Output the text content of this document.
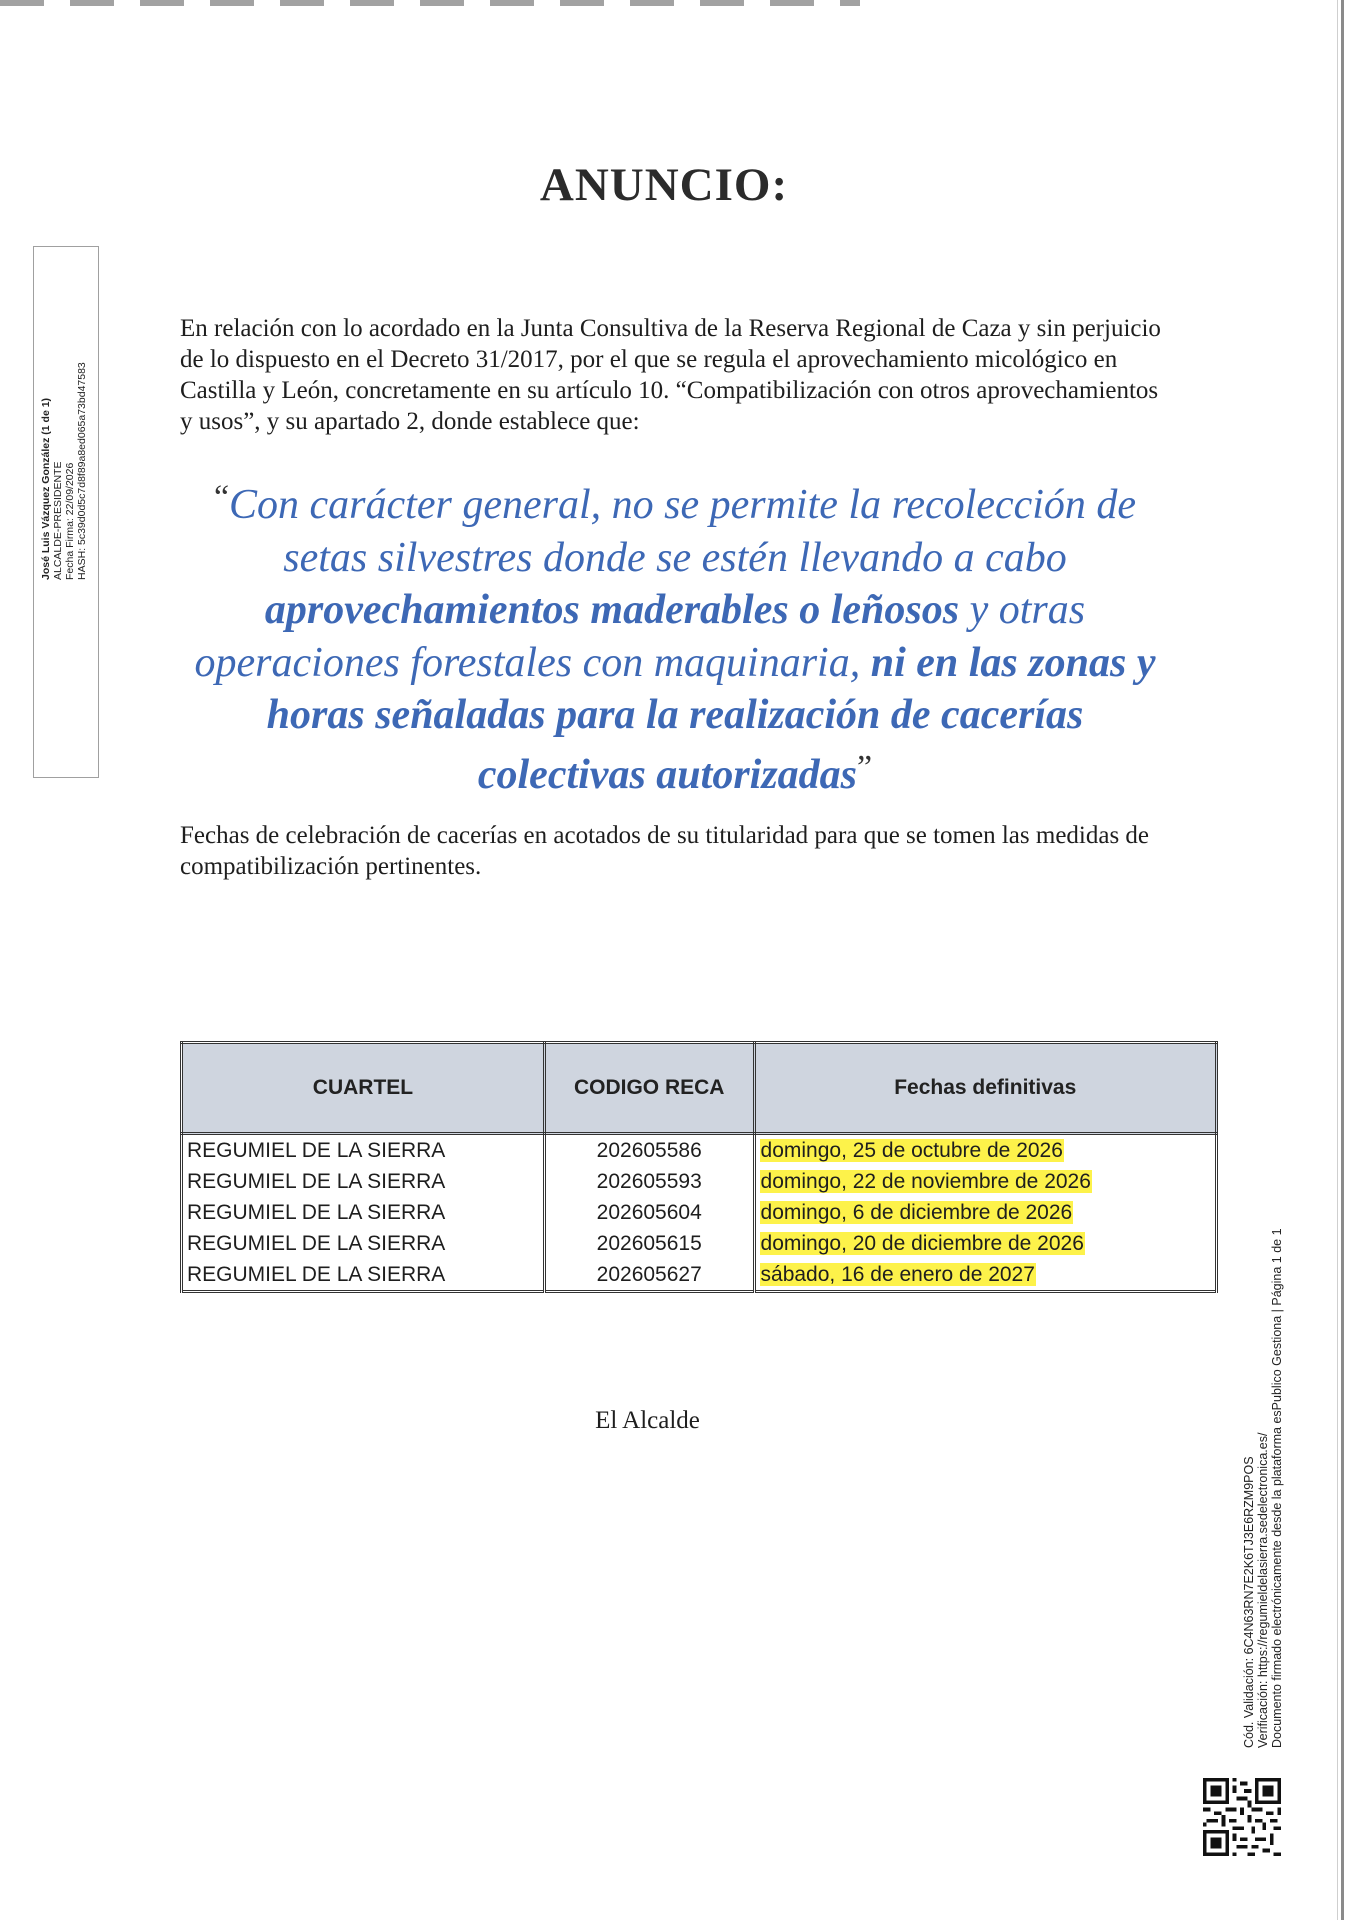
José Luis Vázquez González (1 de 1) ALCALDE-PRESIDENTE Fecha Firma: 22/09/2026 HASH: 5c39d0d5c7d8f89a8ed065a73bd47583
ANUNCIO:
En relación con lo acordado en la Junta Consultiva de la Reserva Regional de Caza y sin perjuicio de lo dispuesto en el Decreto 31/2017, por el que se regula el aprovechamiento micológico en Castilla y León, concretamente en su artículo 10. “Compatibilización con otros aprovechamientos y usos”, y su apartado 2, donde establece que:
“Con carácter general, no se permite la recolección de setas silvestres donde se estén llevando a cabo aprovechamientos maderables o leñosos y otras operaciones forestales con maquinaria, ni en las zonas y horas señaladas para la realización de cacerías colectivas autorizadas”
Fechas de celebración de cacerías en acotados de su titularidad para que se tomen las medidas de compatibilización pertinentes.
CUARTEL	CODIGO RECA	Fechas definitivas
REGUMIEL DE LA SIERRA	202605586	domingo, 25 de octubre de 2026
REGUMIEL DE LA SIERRA	202605593	domingo, 22 de noviembre de 2026
REGUMIEL DE LA SIERRA	202605604	domingo, 6 de diciembre de 2026
REGUMIEL DE LA SIERRA	202605615	domingo, 20 de diciembre de 2026
REGUMIEL DE LA SIERRA	202605627	sábado, 16 de enero de 2027
El Alcalde
Cód. Validación: 6C4N63RN7E2K6TJ3E6RZM9POS Verificación: https://regumieldelasierra.sedelectronica.es/ Documento firmado electrónicamente desde la plataforma esPublico Gestiona | Página 1 de 1
